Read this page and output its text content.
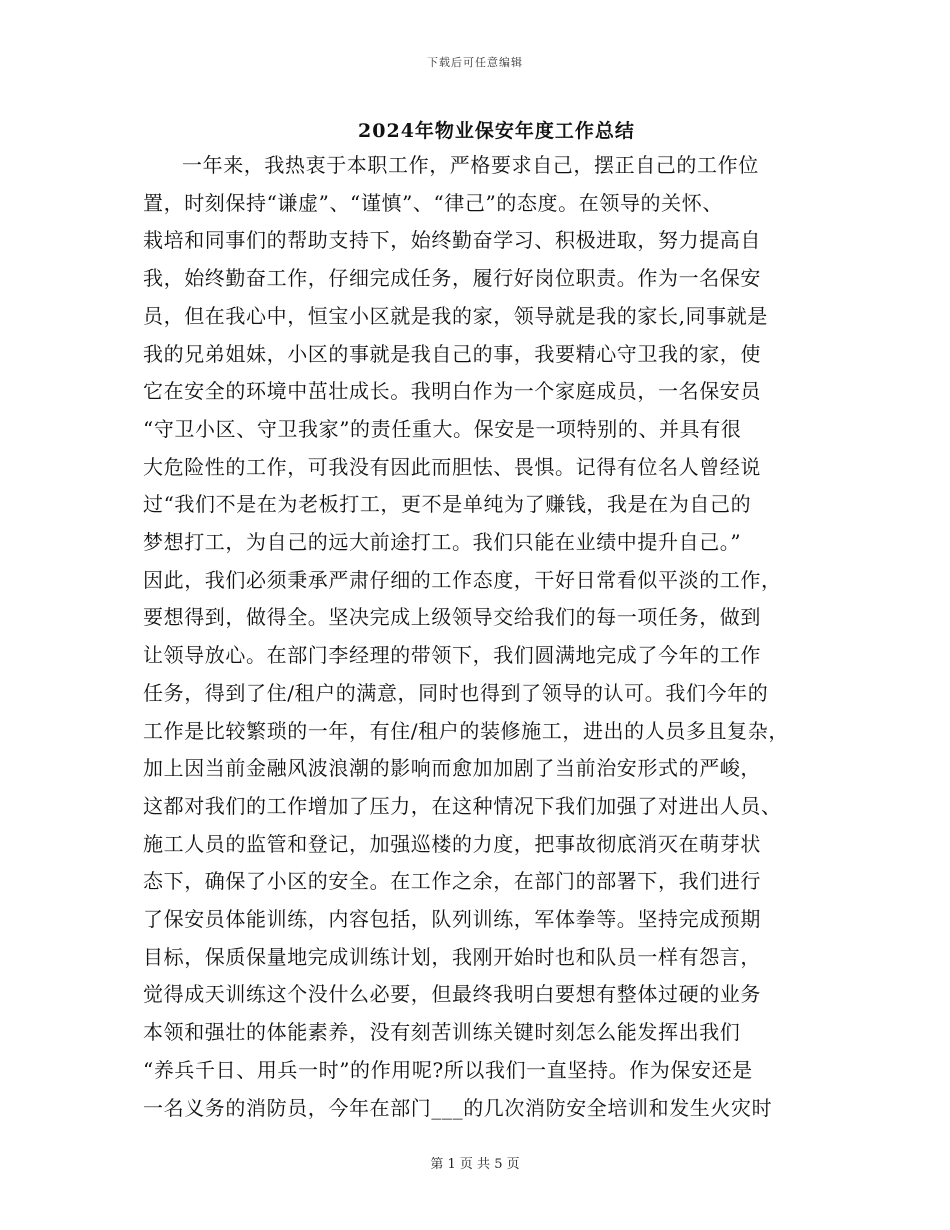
下载后可任意编辑
2024年物业保安年度工作总结
一年来，我热衷于本职工作，严格要求自己，摆正自己的工作位
置，时刻保持“谦虚”、“谨慎”、“律己”的态度。在领导的关怀、
栽培和同事们的帮助支持下，始终勤奋学习、积极进取，努力提高自
我，始终勤奋工作，仔细完成任务，履行好岗位职责。作为一名保安
员，但在我心中，恒宝小区就是我的家，领导就是我的家长,同事就是
我的兄弟姐妹，小区的事就是我自己的事，我要精心守卫我的家，使
它在安全的环境中茁壮成长。我明白作为一个家庭成员，一名保安员
“守卫小区、守卫我家”的责任重大。保安是一项特别的、并具有很
大危险性的工作，可我没有因此而胆怯、畏惧。记得有位名人曾经说
过“我们不是在为老板打工，更不是单纯为了赚钱，我是在为自己的
梦想打工，为自己的远大前途打工。我们只能在业绩中提升自己。”
因此，我们必须秉承严肃仔细的工作态度，干好日常看似平淡的工作，
要想得到，做得全。坚决完成上级领导交给我们的每一项任务，做到
让领导放心。在部门李经理的带领下，我们圆满地完成了今年的工作
任务，得到了住/租户的满意，同时也得到了领导的认可。我们今年的
工作是比较繁琐的一年，有住/租户的装修施工，进出的人员多且复杂，
加上因当前金融风波浪潮的影响而愈加加剧了当前治安形式的严峻，
这都对我们的工作增加了压力，在这种情况下我们加强了对进出人员、
施工人员的监管和登记，加强巡楼的力度，把事故彻底消灭在萌芽状
态下，确保了小区的安全。在工作之余，在部门的部署下，我们进行
了保安员体能训练，内容包括，队列训练，军体拳等。坚持完成预期
目标，保质保量地完成训练计划，我刚开始时也和队员一样有怨言，
觉得成天训练这个没什么必要，但最终我明白要想有整体过硬的业务
本领和强壮的体能素养，没有刻苦训练关键时刻怎么能发挥出我们
“养兵千日、用兵一时”的作用呢?所以我们一直坚持。作为保安还是
一名义务的消防员，今年在部门___的几次消防安全培训和发生火灾时
第 1 页 共 5 页
